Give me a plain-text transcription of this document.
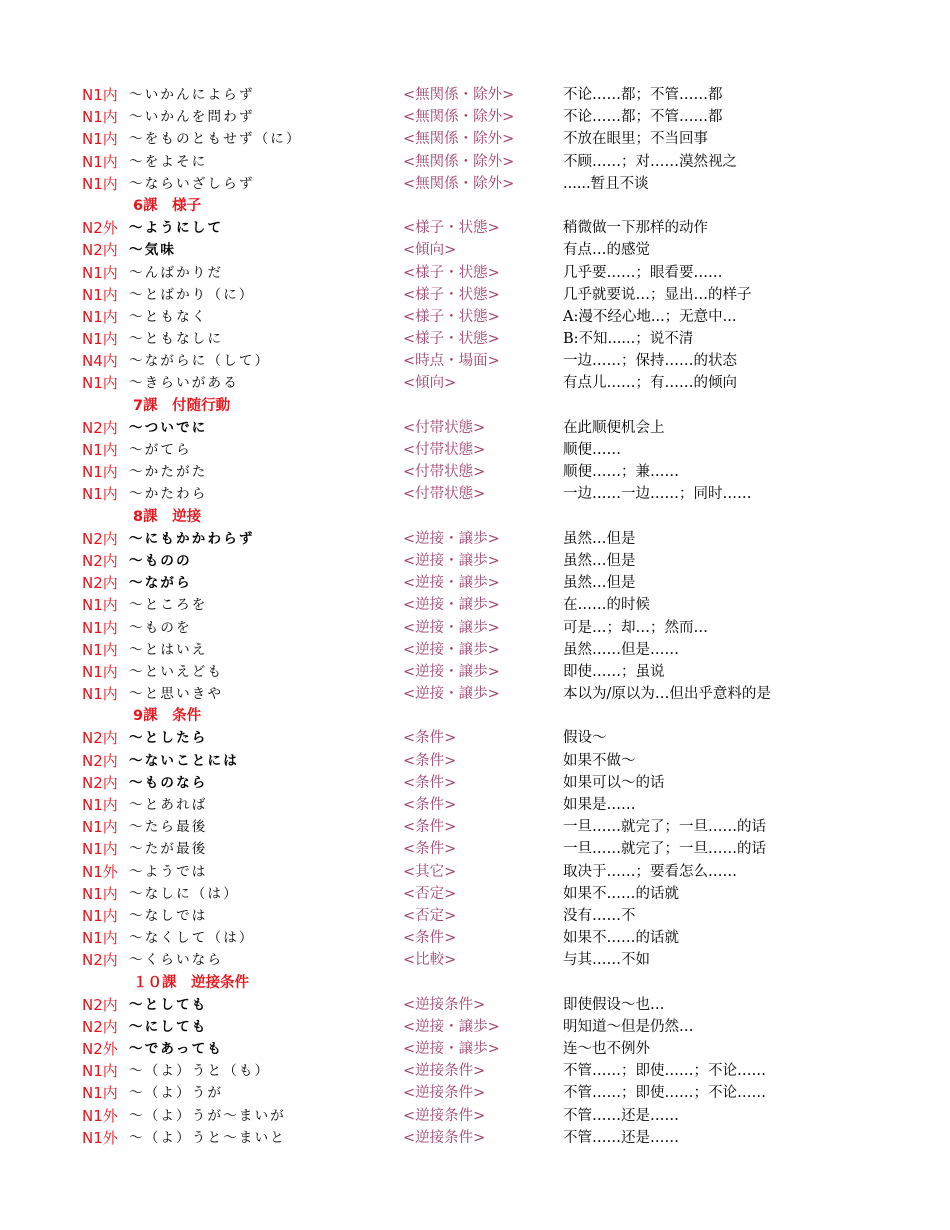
N1内 ～いかんによらず	<無関係・除外>	不论……都；不管……都
N1内 ～いかんを問わず	<無関係・除外>	不论……都；不管……都
N1内 ～をものともせず（に）	<無関係・除外>	不放在眼里；不当回事
N1内 ～をよそに	<無関係・除外>	不顾……；对……漠然视之
N1内 ～ならいざしらず	<無関係・除外>	......暂且不谈
6課　様子
N2外 ～ようにして	<様子・状態>	稍微做一下那样的动作
N2内 ～気味	<傾向>	有点…的感觉
N1内 ～んばかりだ	<様子・状態>	几乎要……；眼看要……
N1内 ～とばかり（に）	<様子・状態>	几乎就要说…；显出…的样子
N1内 ～ともなく	<様子・状態>	A:漫不经心地...；无意中...
N1内 ～ともなしに	<様子・状態>	B:不知......；说不清
N4内 ～ながらに（して）	<時点・場面>	一边……；保持……的状态
N1内 ～きらいがある	<傾向>	有点儿……；有……的倾向
7課　付随行動
N2内 ～ついでに	<付帯状態>	在此顺便机会上
N1内 ～がてら	<付帯状態>	顺便……
N1内 ～かたがた	<付帯状態>	顺便……；兼……
N1内 ～かたわら	<付帯状態>	一边……一边……；同时……
8課　逆接
N2内 ～にもかかわらず	<逆接・譲歩>	虽然…但是
N2内 ～ものの	<逆接・譲歩>	虽然…但是
N2内 ～ながら	<逆接・譲歩>	虽然…但是
N1内 ～ところを	<逆接・譲歩>	在……的时候
N1内 ～ものを	<逆接・譲歩>	可是…；却…；然而…
N1内 ～とはいえ	<逆接・譲歩>	虽然……但是……
N1内 ～といえども	<逆接・譲歩>	即使……；虽说
N1内 ～と思いきや	<逆接・譲歩>	本以为/原以为…但出乎意料的是
9課　条件
N2内 ～としたら	<条件>	假设～
N2内 ～ないことには	<条件>	如果不做～
N2内 ～ものなら	<条件>	如果可以～的话
N1内 ～とあれば	<条件>	如果是……
N1内 ～たら最後	<条件>	一旦……就完了；一旦……的话
N1内 ～たが最後	<条件>	一旦……就完了；一旦……的话
N1外 ～ようでは	<其它>	取决于……；要看怎么……
N1内 ～なしに（は）	<否定>	如果不……的话就
N1内 ～なしでは	<否定>	没有……不
N1内 ～なくして（は）	<条件>	如果不……的话就
N2内 ～くらいなら	<比較>	与其……不如
１０課　逆接条件
N2内 ～としても	<逆接条件>	即使假设～也…
N2内 ～にしても	<逆接・譲歩>	明知道～但是仍然…
N2外 ～であっても	<逆接・譲歩>	连～也不例外
N1内 ～（よ）うと（も）	<逆接条件>	不管……；即使……；不论……
N1内 ～（よ）うが	<逆接条件>	不管……；即使……；不论……
N1外 ～（よ）うが～まいが	<逆接条件>	不管……还是……
N1外 ～（よ）うと～まいと	<逆接条件>	不管……还是……
